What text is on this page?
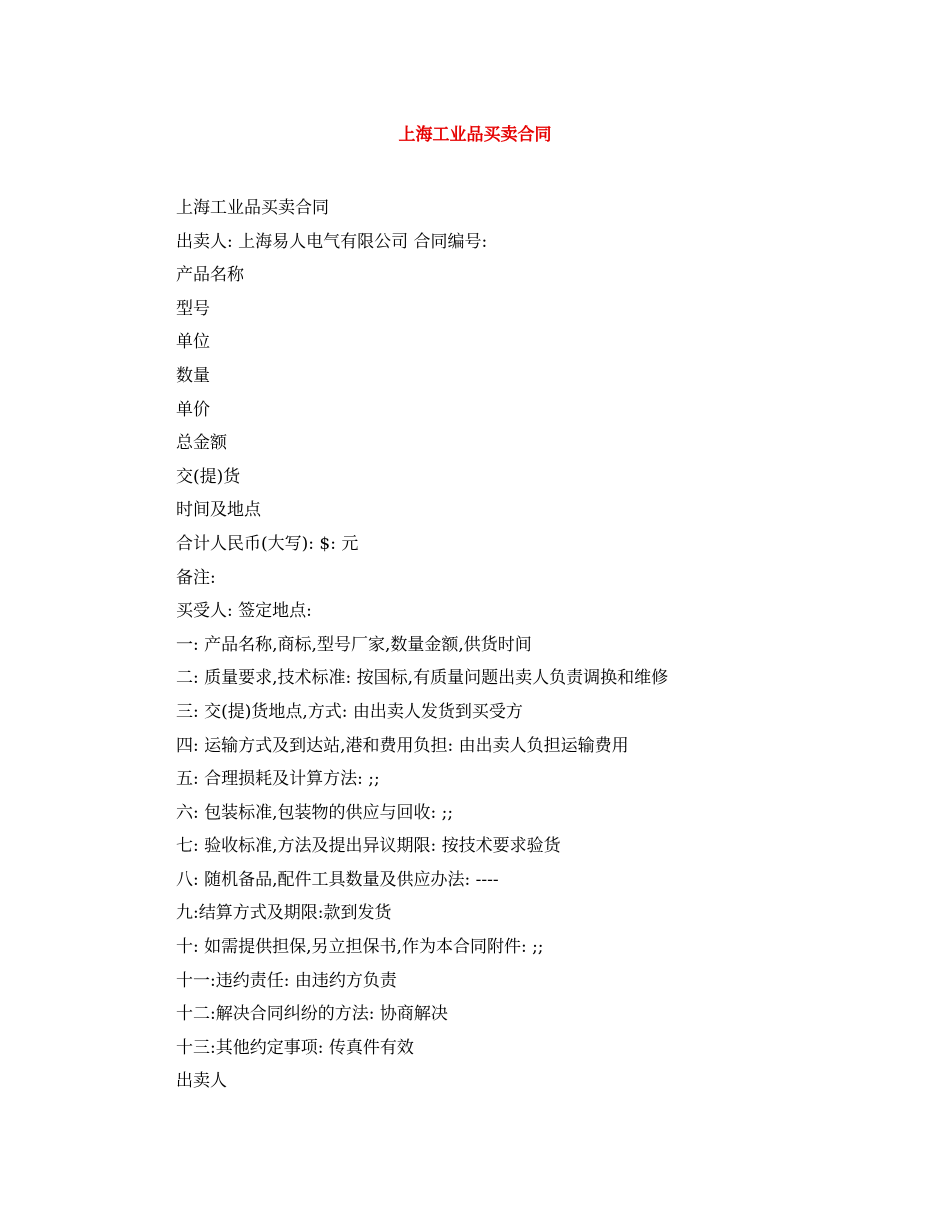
上海工业品买卖合同
上海工业品买卖合同
出卖人: 上海易人电气有限公司 合同编号:
产品名称
型号
单位
数量
单价
总金额
交(提)货
时间及地点
合计人民币(大写): $: 元
备注:
买受人: 签定地点:
一: 产品名称,商标,型号厂家,数量金额,供货时间
二: 质量要求,技术标准: 按国标,有质量问题出卖人负责调换和维修
三: 交(提)货地点,方式: 由出卖人发货到买受方
四: 运输方式及到达站,港和费用负担: 由出卖人负担运输费用
五: 合理损耗及计算方法: ;;
六: 包装标准,包装物的供应与回收: ;;
七: 验收标准,方法及提出异议期限: 按技术要求验货
八: 随机备品,配件工具数量及供应办法: ----
九:结算方式及期限:款到发货
十: 如需提供担保,另立担保书,作为本合同附件: ;;
十一:违约责任: 由违约方负责
十二:解决合同纠纷的方法: 协商解决
十三:其他约定事项: 传真件有效
出卖人
